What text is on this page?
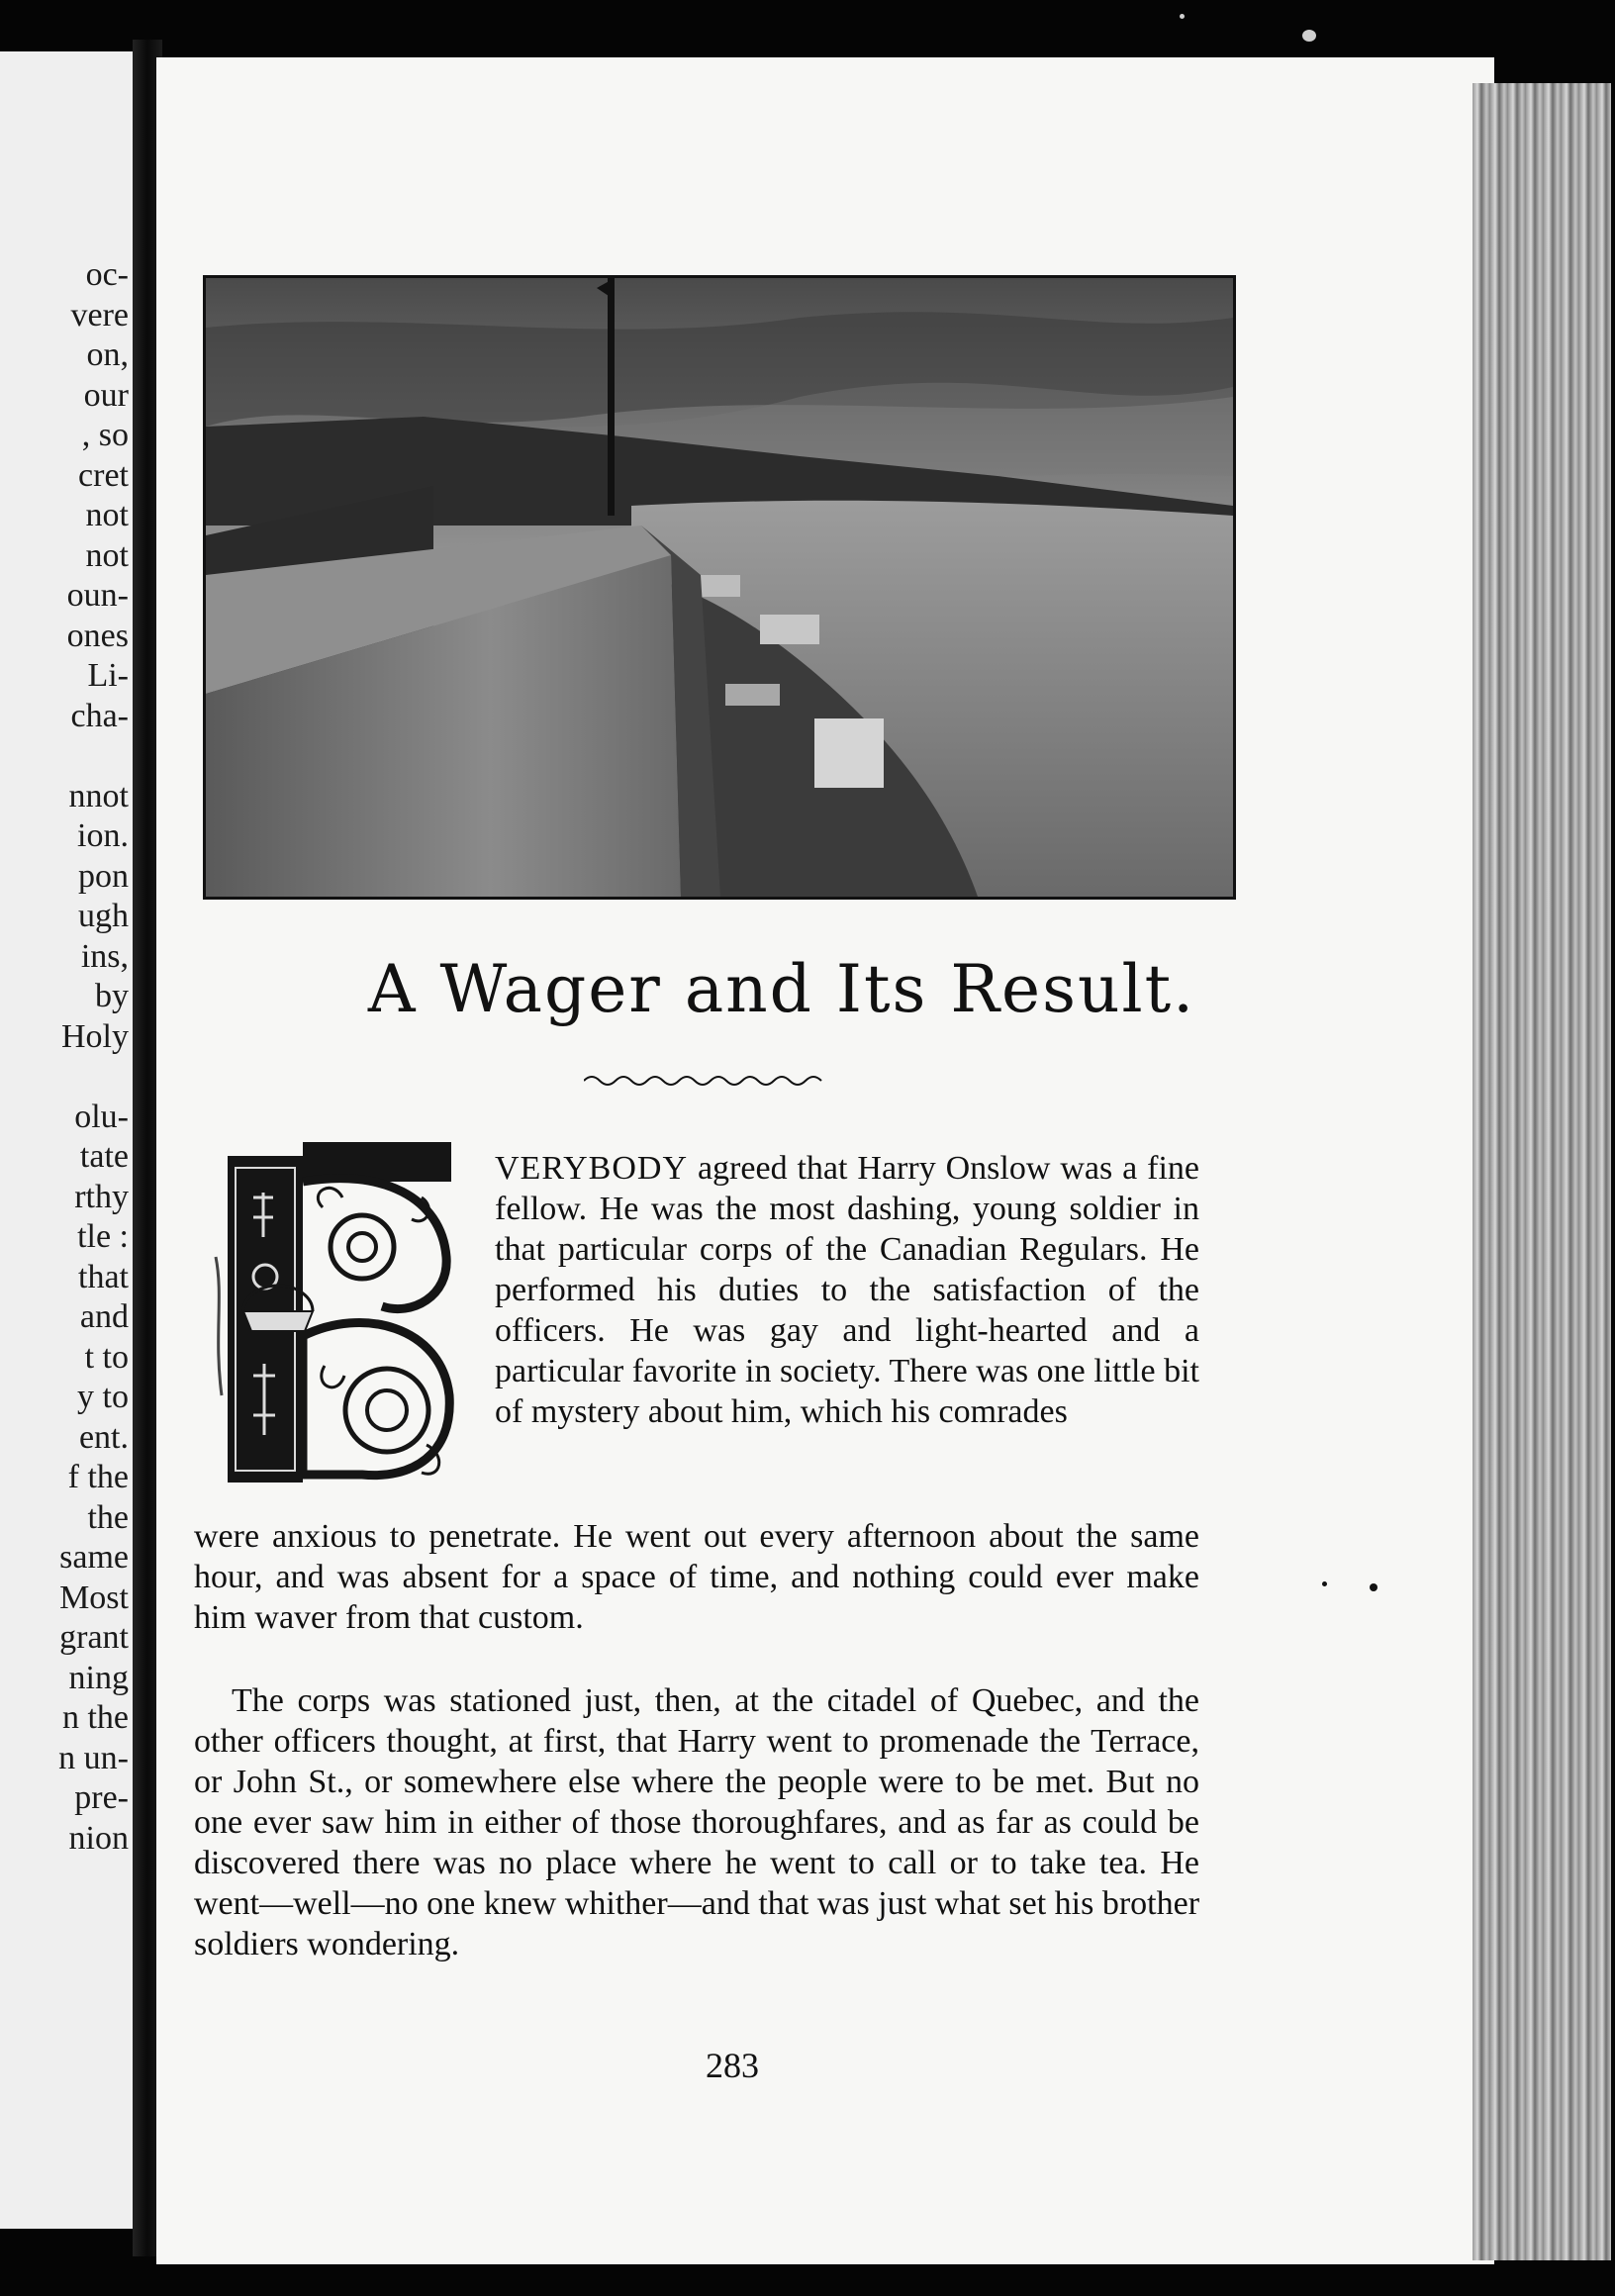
oc-
vere
on,
our
, so
cret
not
not
oun-
ones
Li-
cha-
nnot
ion.
pon
ugh
ins,
by
Holy
olu-
tate
rthy
tle :
that
and
t to
y to
ent.
f the
the
same
Most
grant
ning
n the
n un-
pre-
nion
A Wager and Its Result.

VERYBODY agreed that Harry Onslow was a fine fellow. He was the most dashing, young soldier in that particular corps of the Canadian Regulars. He performed his duties to the satisfaction of the officers. He was gay and light-hearted and a particular favorite in society. There was one little bit of mystery about him, which his comrades

were anxious to penetrate. He went out every afternoon about the same hour, and was absent for a space of time, and nothing could ever make him waver from that custom.

The corps was stationed just, then, at the citadel of Quebec, and the other officers thought, at first, that Harry went to promenade the Terrace, or John St., or somewhere else where the people were to be met. But no one ever saw him in either of those thoroughfares, and as far as could be discovered there was no place where he went to call or to take tea. He went—well—no one knew whither—and that was just what set his brother soldiers wondering.

283
